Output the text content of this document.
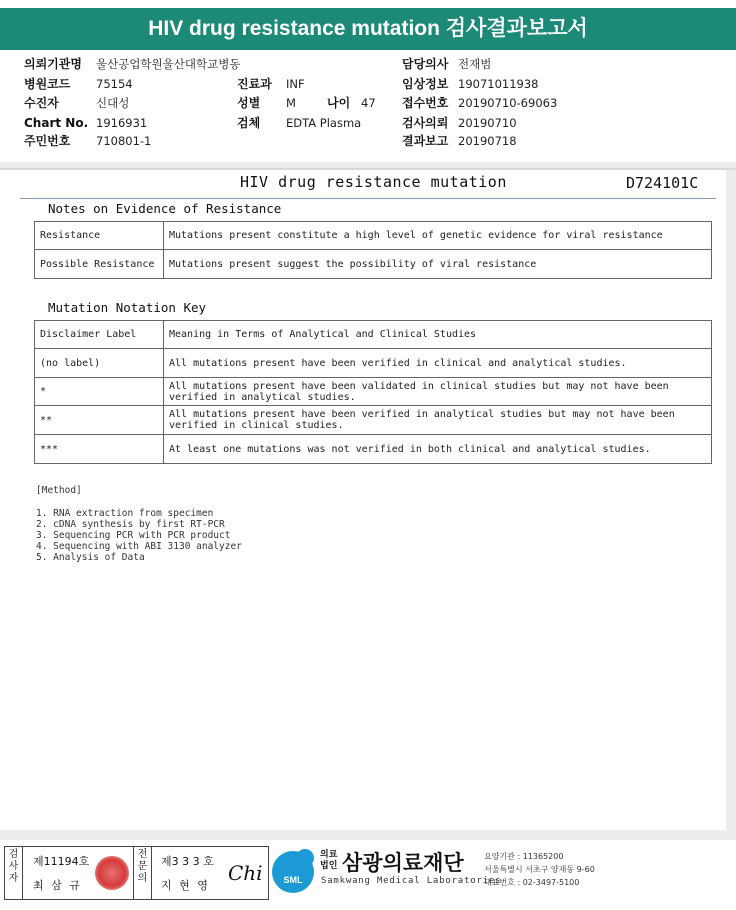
HIV drug resistance mutation 검사결과보고서
의뢰기관명 울산공업학원울산대학교병동	담당의사 전재범
병원코드 75154	진료과 INF	임상정보 19071011938
수진자	신대성	성별 M	나이 47 접수번호 20190710-69063
Chart No. 1916931	검체 EDTA Plasma	검사의뢰 20190710
주민번호 710801-1	결과보고 20190718
HIV drug resistance mutation	D724101C
Notes on Evidence of Resistance
Resistance	Mutations present constitute a high level of genetic evidence for viral resistance
Possible Resistance	Mutations present suggest the possibility of viral resistance
Mutation Notation Key
Disclaimer Label	Meaning in Terms of Analytical and Clinical Studies
(no label)	All mutations present have been verified in clinical and analytical studies.
*	All mutations present have been validated in clinical studies but may not have been verified in analytical studies.
**	All mutations present have been verified in analytical studies but may not have been verified in clinical studies.
***	At least one mutations was not verified in both clinical and analytical studies.
[Method]
1. RNA extraction from specimen
2. cDNA synthesis by first RT-PCR
3. Sequencing PCR with PCR product
4. Sequencing with ABI 3130 analyzer
5. Analysis of Data
검사자
제11194호
최 삼 규
전문의
제3 3 3 호
지 현 영
Chi	SML
의료
법인 삼광의료재단
Samkwang Medical Laboratories
요양기관 : 11365200
서울특별시 서초구 양재동 9-60
대표번호 : 02-3497-5100
